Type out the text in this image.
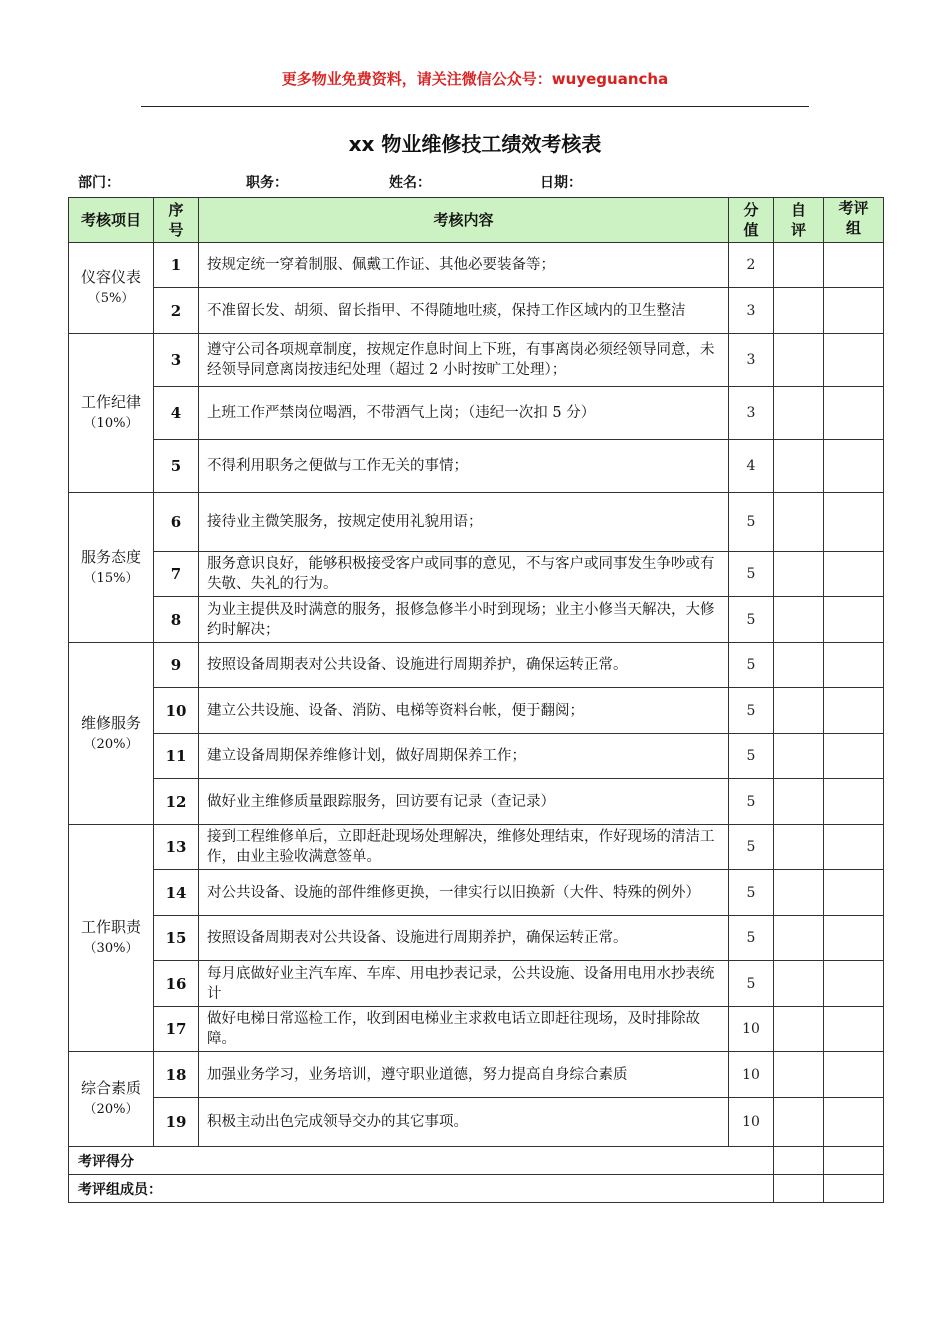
更多物业免费资料，请关注微信公众号：wuyeguancha
xx 物业维修技工绩效考核表
部门：	职务：	姓名：	日期：
考核项目	序号	考核内容	分值	自评	考评组
仪容仪表
（5%）	1	按规定统一穿着制服、佩戴工作证、其他必要装备等；	2		
	2	不准留长发、胡须、留长指甲、不得随地吐痰，保持工作区域内的卫生整洁	3		
工作纪律
（10%）	3	遵守公司各项规章制度，按规定作息时间上下班，有事离岗必须经领导同意，未经领导同意离岗按违纪处理（超过 2 小时按旷工处理）；	3		
	4	上班工作严禁岗位喝酒，不带酒气上岗；（违纪一次扣 5 分）	3		
	5	不得利用职务之便做与工作无关的事情；	4		
服务态度
（15%）	6	接待业主微笑服务，按规定使用礼貌用语；	5		
	7	服务意识良好，能够积极接受客户或同事的意见，不与客户或同事发生争吵或有失敬、失礼的行为。	5		
	8	为业主提供及时满意的服务，报修急修半小时到现场；业主小修当天解决，大修约时解决；	5		
维修服务
（20%）	9	按照设备周期表对公共设备、设施进行周期养护，确保运转正常。	5		
	10	建立公共设施、设备、消防、电梯等资料台帐，便于翻阅；	5		
	11	建立设备周期保养维修计划，做好周期保养工作；	5		
	12	做好业主维修质量跟踪服务，回访要有记录（查记录）	5		
工作职责
（30%）	13	接到工程维修单后，立即赶赴现场处理解决，维修处理结束，作好现场的清洁工作，由业主验收满意签单。	5		
	14	对公共设备、设施的部件维修更换，一律实行以旧换新（大件、特殊的例外）	5		
	15	按照设备周期表对公共设备、设施进行周期养护，确保运转正常。	5		
	16	每月底做好业主汽车库、车库、用电抄表记录，公共设施、设备用电用水抄表统计	5		
	17	做好电梯日常巡检工作，收到困电梯业主求救电话立即赶往现场，及时排除故障。	10		
综合素质
（20%）	18	加强业务学习，业务培训，遵守职业道德，努力提高自身综合素质	10		
	19	积极主动出色完成领导交办的其它事项。	10		
考评得分					
考评组成员：					
